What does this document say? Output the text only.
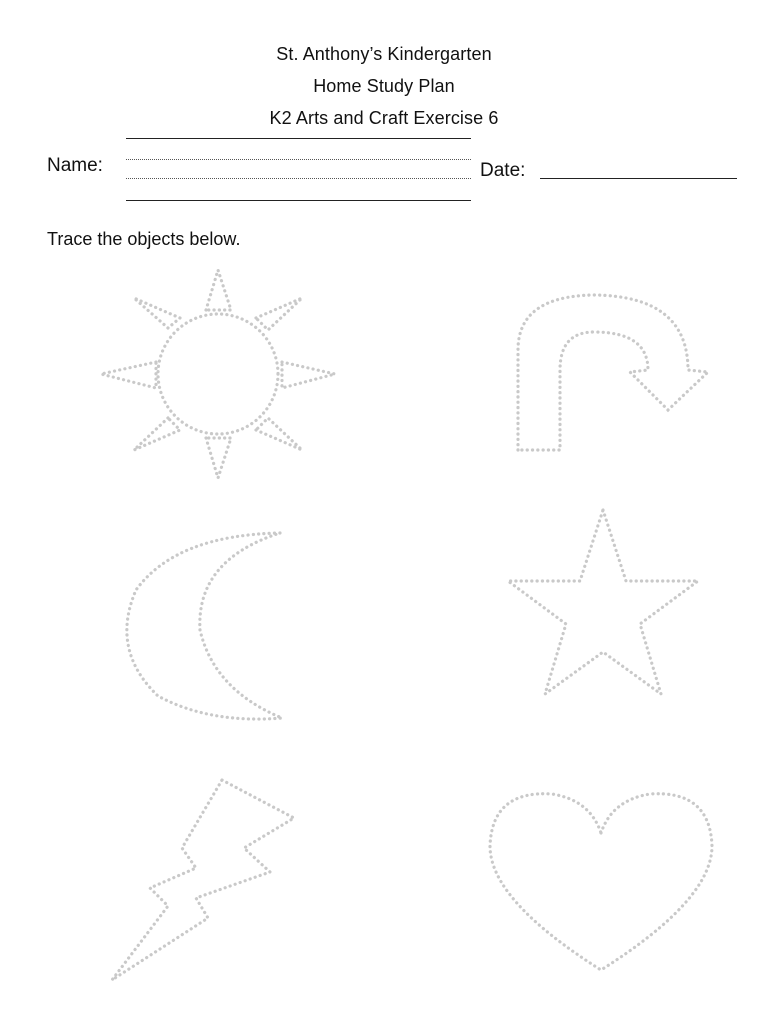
St. Anthony’s Kindergarten
Home Study Plan
K2 Arts and Craft Exercise 6
Name:	Date:
Trace the objects below.
